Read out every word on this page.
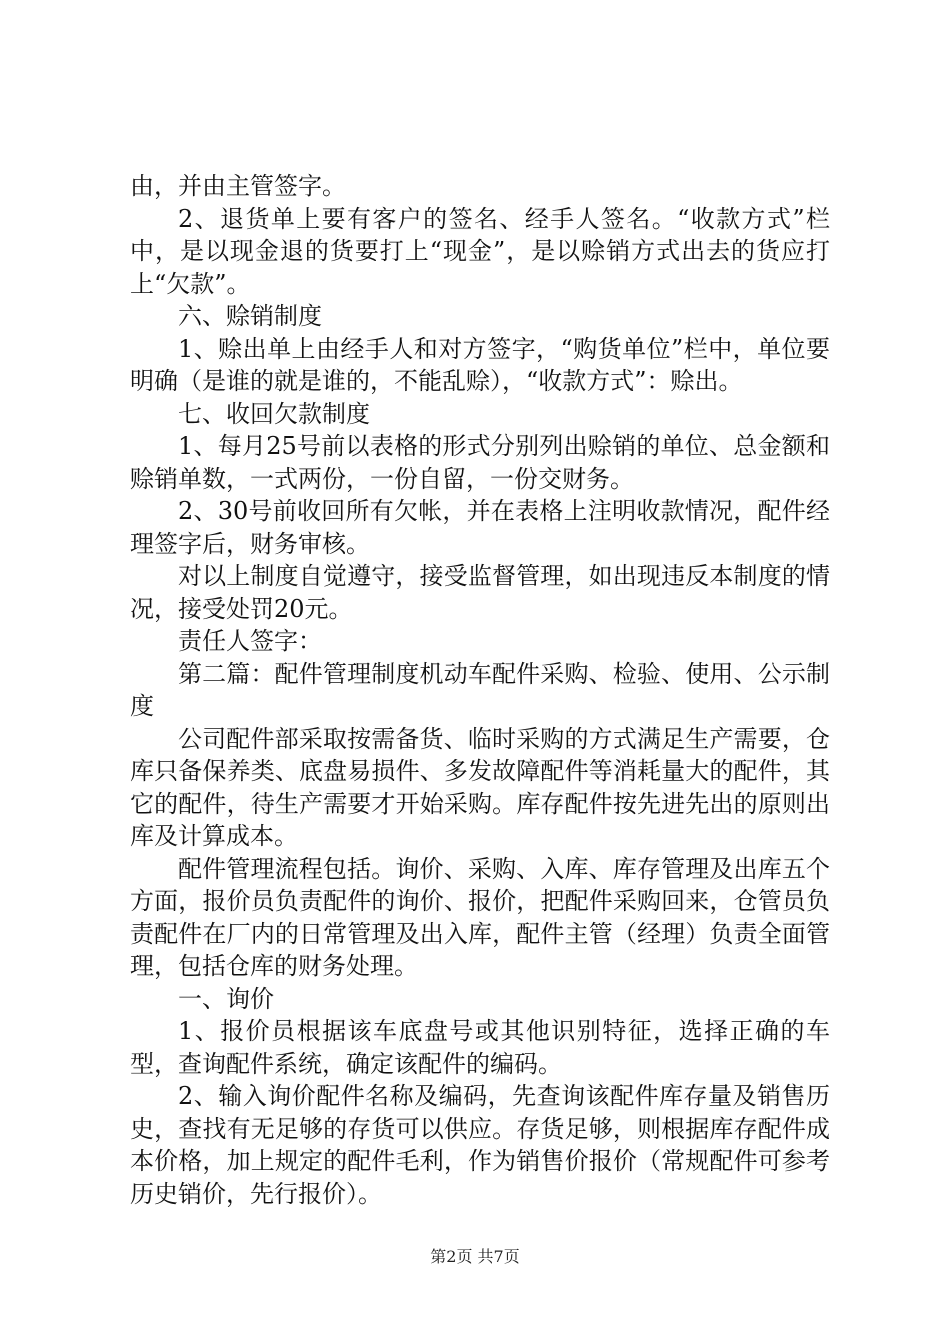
由，并由主管签字。

2、退货单上要有客户的签名、经手人签名。“收款方式”栏中，是以现金退的货要打上“现金”，是以赊销方式出去的货应打上“欠款”。

六、赊销制度

1、赊出单上由经手人和对方签字，“购货单位”栏中，单位要明确（是谁的就是谁的，不能乱赊），“收款方式”：赊出。

七、收回欠款制度

1、每月25号前以表格的形式分别列出赊销的单位、总金额和赊销单数，一式两份，一份自留，一份交财务。

2、30号前收回所有欠帐，并在表格上注明收款情况，配件经理签字后，财务审核。

对以上制度自觉遵守，接受监督管理，如出现违反本制度的情况，接受处罚20元。

责任人签字：

第二篇：配件管理制度机动车配件采购、检验、使用、公示制度

公司配件部采取按需备货、临时采购的方式满足生产需要，仓库只备保养类、底盘易损件、多发故障配件等消耗量大的配件，其它的配件，待生产需要才开始采购。库存配件按先进先出的原则出库及计算成本。

配件管理流程包括。询价、采购、入库、库存管理及出库五个方面，报价员负责配件的询价、报价，把配件采购回来，仓管员负责配件在厂内的日常管理及出入库，配件主管（经理）负责全面管理，包括仓库的财务处理。

一、询价

1、报价员根据该车底盘号或其他识别特征，选择正确的车型，查询配件系统，确定该配件的编码。

2、输入询价配件名称及编码，先查询该配件库存量及销售历史，查找有无足够的存货可以供应。存货足够，则根据库存配件成本价格，加上规定的配件毛利，作为销售价报价（常规配件可参考历史销价，先行报价）。

第2页 共7页
